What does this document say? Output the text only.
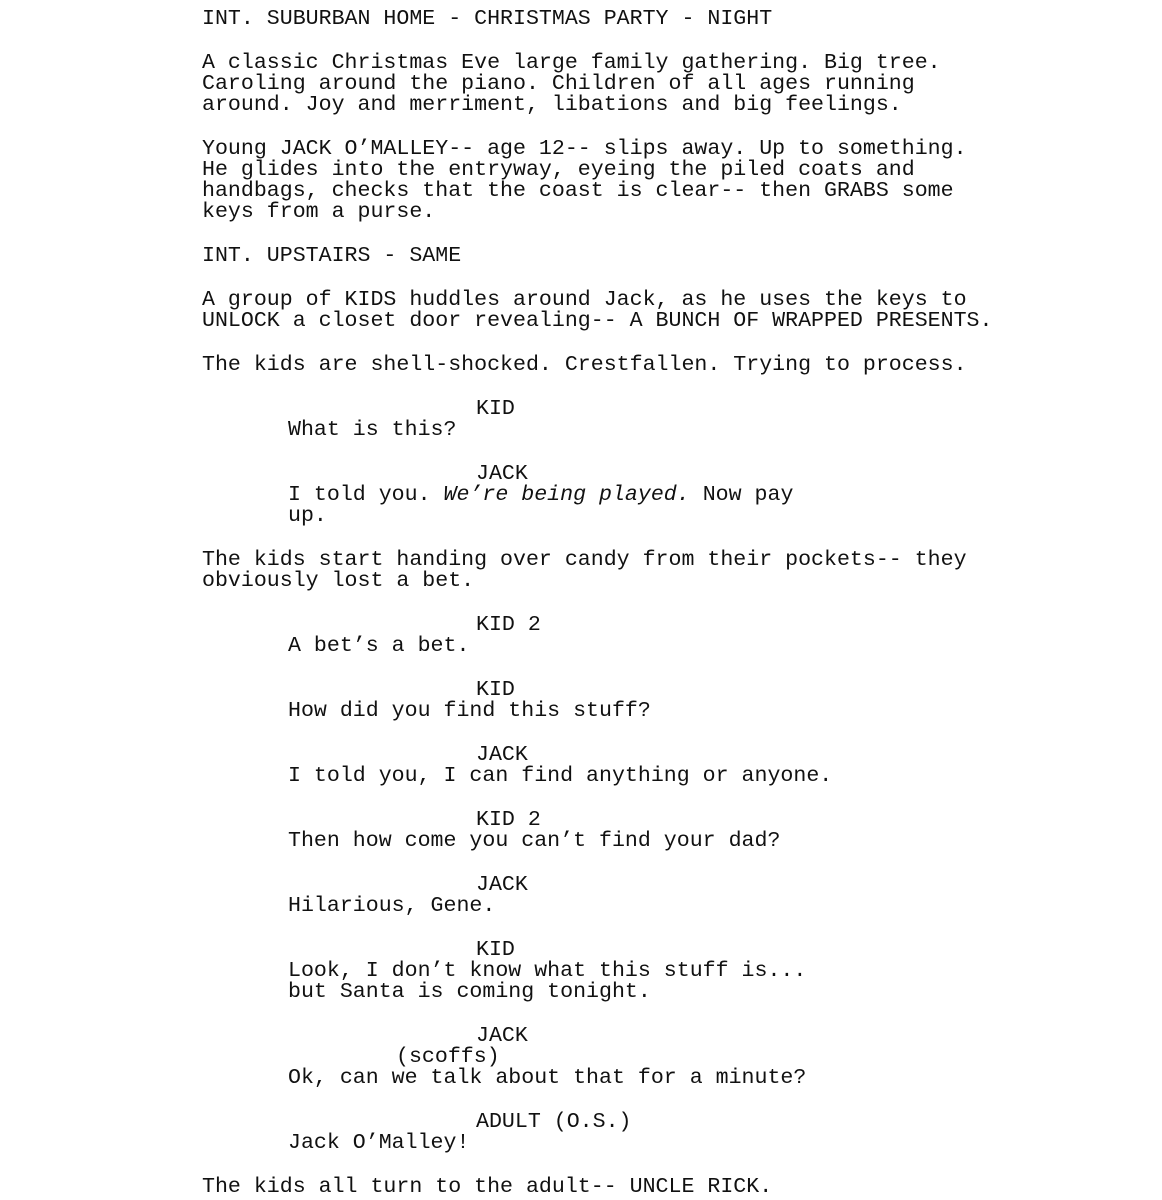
INT. SUBURBAN HOME - CHRISTMAS PARTY - NIGHT

A classic Christmas Eve large family gathering. Big tree.

Caroling around the piano. Children of all ages running

around. Joy and merriment, libations and big feelings.

Young JACK O’MALLEY-- age 12-- slips away. Up to something.

He glides into the entryway, eyeing the piled coats and

handbags, checks that the coast is clear-- then GRABS some

keys from a purse.

INT. UPSTAIRS - SAME

A group of KIDS huddles around Jack, as he uses the keys to

UNLOCK a closet door revealing-- A BUNCH OF WRAPPED PRESENTS.

The kids are shell-shocked. Crestfallen. Trying to process.

KID

What is this?

JACK

I told you. We’re being played. Now pay

up.

The kids start handing over candy from their pockets-- they

obviously lost a bet.

KID 2

A bet’s a bet.

KID

How did you find this stuff?

JACK

I told you, I can find anything or anyone.

KID 2

Then how come you can’t find your dad?

JACK

Hilarious, Gene.

KID

Look, I don’t know what this stuff is...

but Santa is coming tonight.

JACK

(scoffs)

Ok, can we talk about that for a minute?

ADULT (O.S.)

Jack O’Malley!

The kids all turn to the adult-- UNCLE RICK.
